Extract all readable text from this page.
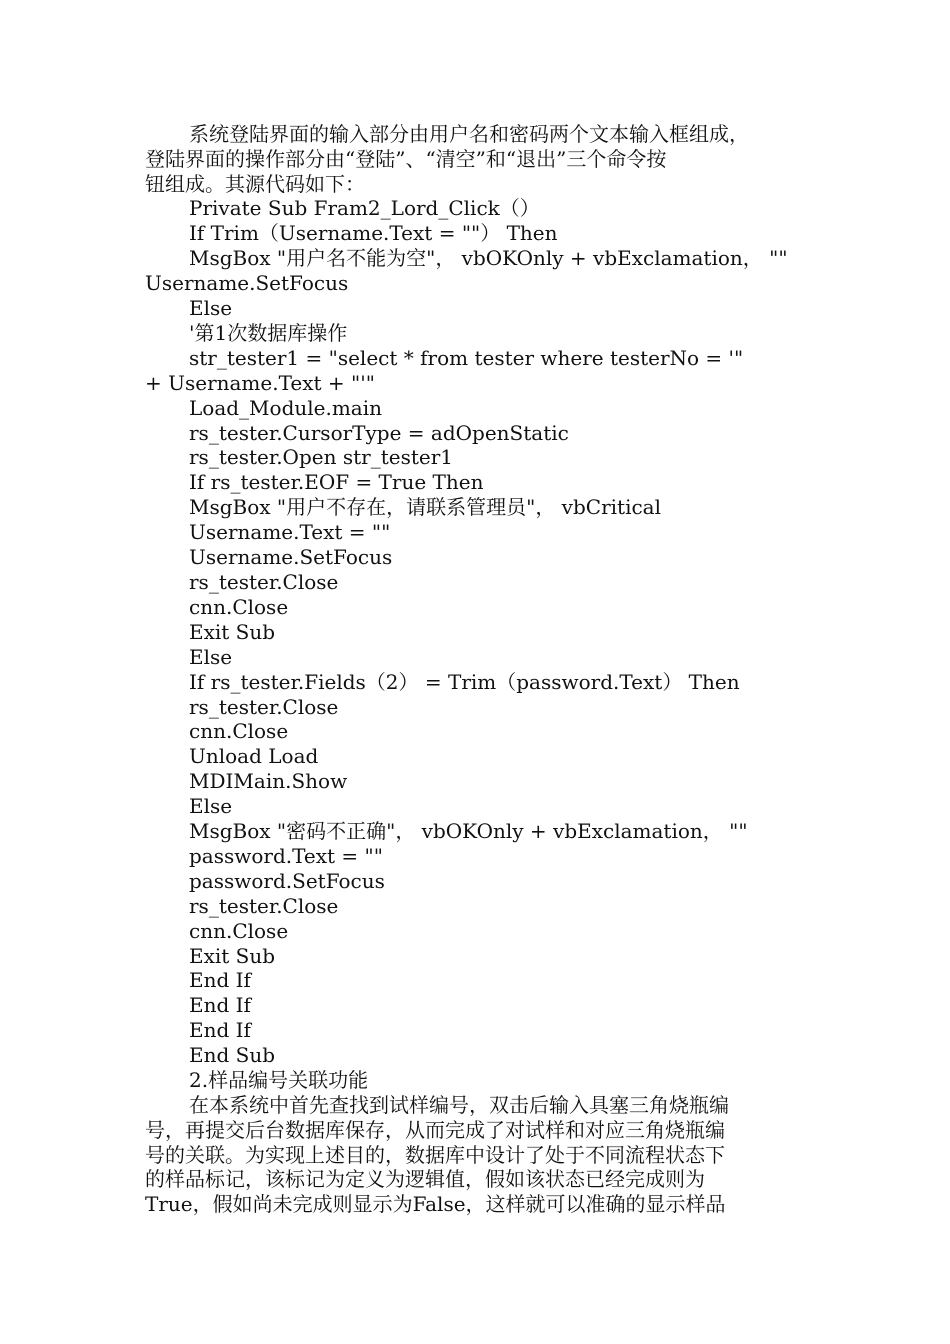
系统登陆界面的输入部分由用户名和密码两个文本输入框组成，

登陆界面的操作部分由“登陆”、“清空”和“退出”三个命令按

钮组成。其源代码如下：

Private Sub Fram2_Lord_Click（）

If Trim（Username.Text = ""） Then

MsgBox "用户名不能为空"， vbOKOnly + vbExclamation， ""

Username.SetFocus

Else

'第1次数据库操作

str_tester1 = "select * from tester where testerNo = '"

+ Username.Text + "'"

Load_Module.main

rs_tester.CursorType = adOpenStatic

rs_tester.Open str_tester1

If rs_tester.EOF = True Then

MsgBox "用户不存在，请联系管理员"， vbCritical

Username.Text = ""

Username.SetFocus

rs_tester.Close

cnn.Close

Exit Sub

Else

If rs_tester.Fields（2） = Trim（password.Text） Then

rs_tester.Close

cnn.Close

Unload Load

MDIMain.Show

Else

MsgBox "密码不正确"， vbOKOnly + vbExclamation， ""

password.Text = ""

password.SetFocus

rs_tester.Close

cnn.Close

Exit Sub

End If

End If

End If

End Sub

2.样品编号关联功能

在本系统中首先查找到试样编号，双击后输入具塞三角烧瓶编

号，再提交后台数据库保存，从而完成了对试样和对应三角烧瓶编

号的关联。为实现上述目的，数据库中设计了处于不同流程状态下

的样品标记，该标记为定义为逻辑值，假如该状态已经完成则为

True，假如尚未完成则显示为False，这样就可以准确的显示样品
